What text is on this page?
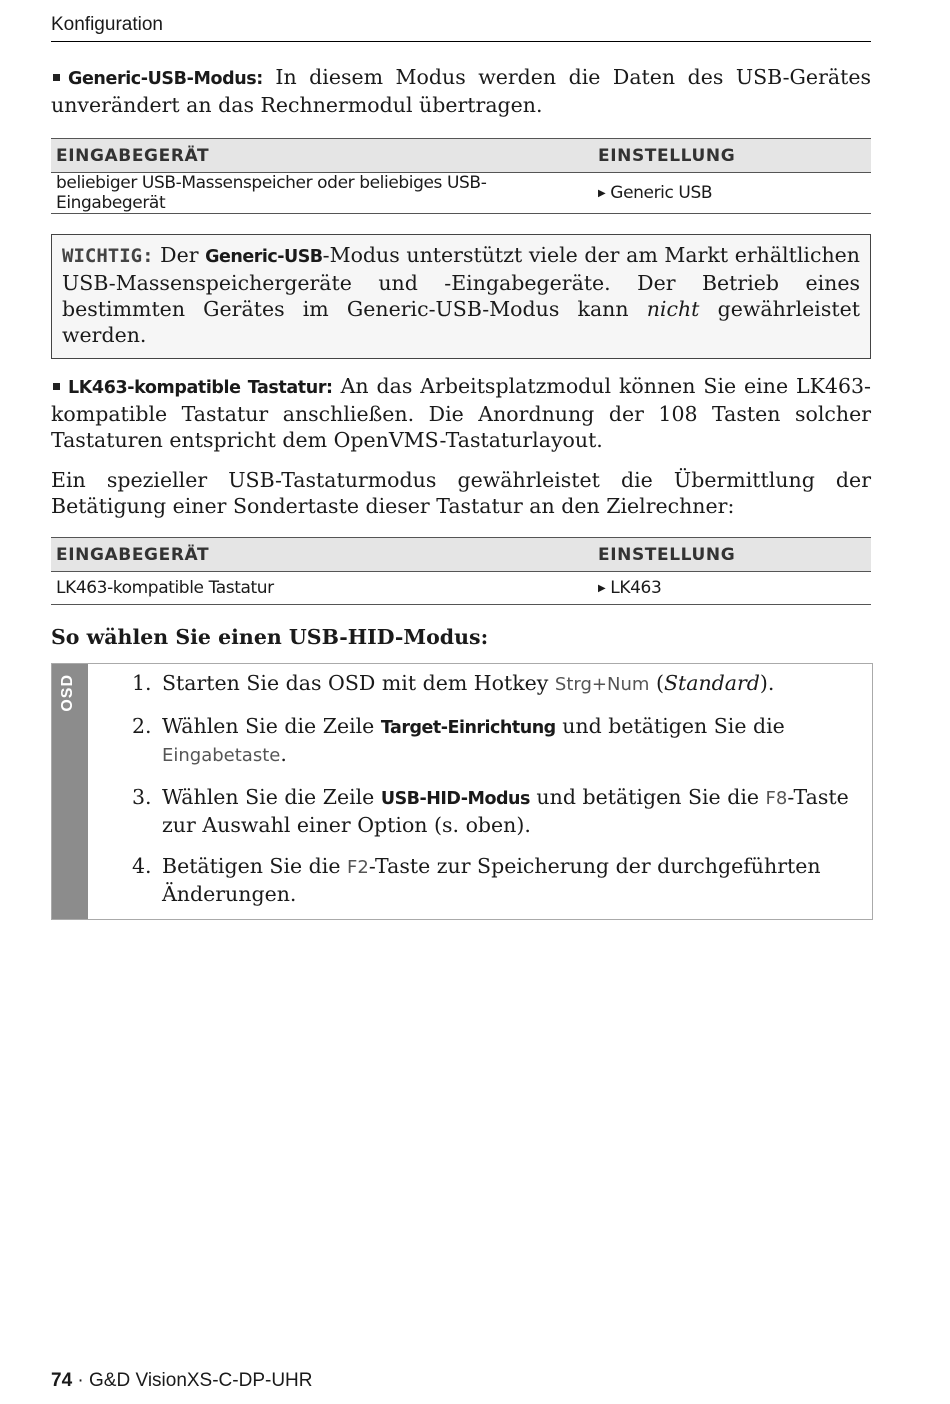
Konfiguration

Generic-USB-Modus: In diesem Modus werden die Daten des USB-Gerätes unverändert an das Rechnermodul übertragen.

EINGABEGERÄT	EINSTELLUNG
beliebiger USB-Massenspeicher oder beliebiges USB-Eingabegerät	▶ Generic USB
WICHTIG: Der Generic-USB-Modus unterstützt viele der am Markt erhältlichen USB-Massenspeichergeräte und -Eingabegeräte. Der Betrieb eines bestimmten Gerätes im Generic-USB-Modus kann nicht gewährleistet werden.

LK463-kompatible Tastatur: An das Arbeitsplatzmodul können Sie eine LK463-kompatible Tastatur anschließen. Die Anordnung der 108 Tasten solcher Tastaturen entspricht dem OpenVMS-Tastaturlayout.

Ein spezieller USB-Tastaturmodus gewährleistet die Übermittlung der Betätigung einer Sondertaste dieser Tastatur an den Zielrechner:

EINGABEGERÄT	EINSTELLUNG
LK463-kompatible Tastatur	▶ LK463
So wählen Sie einen USB-HID-Modus:
OSD	1. Starten Sie das OSD mit dem Hotkey Strg+Num (Standard).
2. Wählen Sie die Zeile Target-Einrichtung und betätigen Sie die Eingabetaste.
3. Wählen Sie die Zeile USB-HID-Modus und betätigen Sie die F8-Taste zur Auswahl einer Option (s. oben).
4. Betätigen Sie die F2-Taste zur Speicherung der durchgeführten Änderungen.
74 · G&D VisionXS-C-DP-UHR
